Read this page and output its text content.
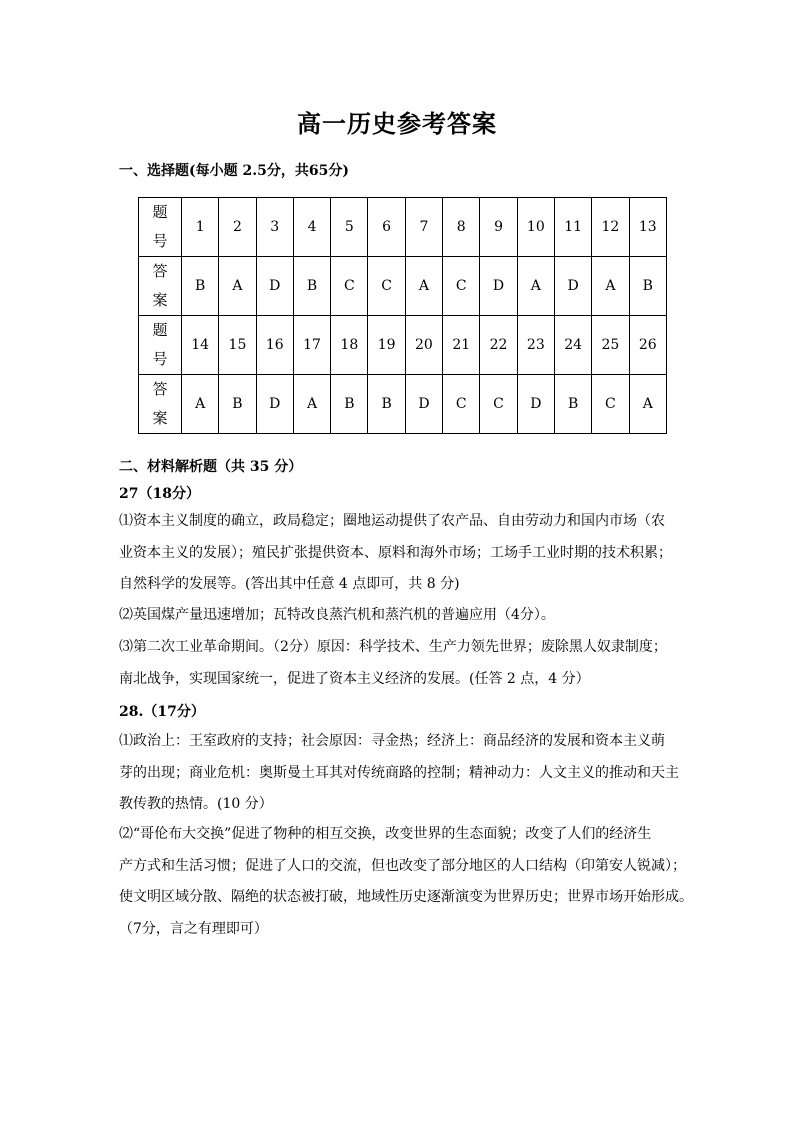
高一历史参考答案
一、选择题(每小题 2.5分，共65分)
题
号	1	2	3	4	5	6	7	8	9	10	11	12	13

答
案	B	A	D	B	C	C	A	C	D	A	D	A	B

题
号	14	15	16	17	18	19	20	21	22	23	24	25	26

答
案	A	B	D	A	B	B	D	C	C	D	B	C	A
二、材料解析题（共 35 分）
27（18分）

⑴资本主义制度的确立，政局稳定；圈地运动提供了农产品、自由劳动力和国内市场（农
业资本主义的发展）；殖民扩张提供资本、原料和海外市场；工场手工业时期的技术积累；
自然科学的发展等。(答出其中任意 4 点即可，共 8 分)

⑵英国煤产量迅速增加；瓦特改良蒸汽机和蒸汽机的普遍应用（4分）。

⑶第二次工业革命期间。（2分）原因：科学技术、生产力领先世界；废除黑人奴隶制度；
南北战争，实现国家统一，促进了资本主义经济的发展。(任答 2 点，4 分）

28.（17分）

⑴政治上：王室政府的支持；社会原因：寻金热；经济上：商品经济的发展和资本主义萌
芽的出现；商业危机：奥斯曼土耳其对传统商路的控制；精神动力：人文主义的推动和天主
教传教的热情。(10 分）

⑵“哥伦布大交换”促进了物种的相互交换，改变世界的生态面貌；改变了人们的经济生
产方式和生活习惯；促进了人口的交流，但也改变了部分地区的人口结构（印第安人锐减）；
使文明区域分散、隔绝的状态被打破，地域性历史逐渐演变为世界历史；世界市场开始形成。
（7分，言之有理即可）
